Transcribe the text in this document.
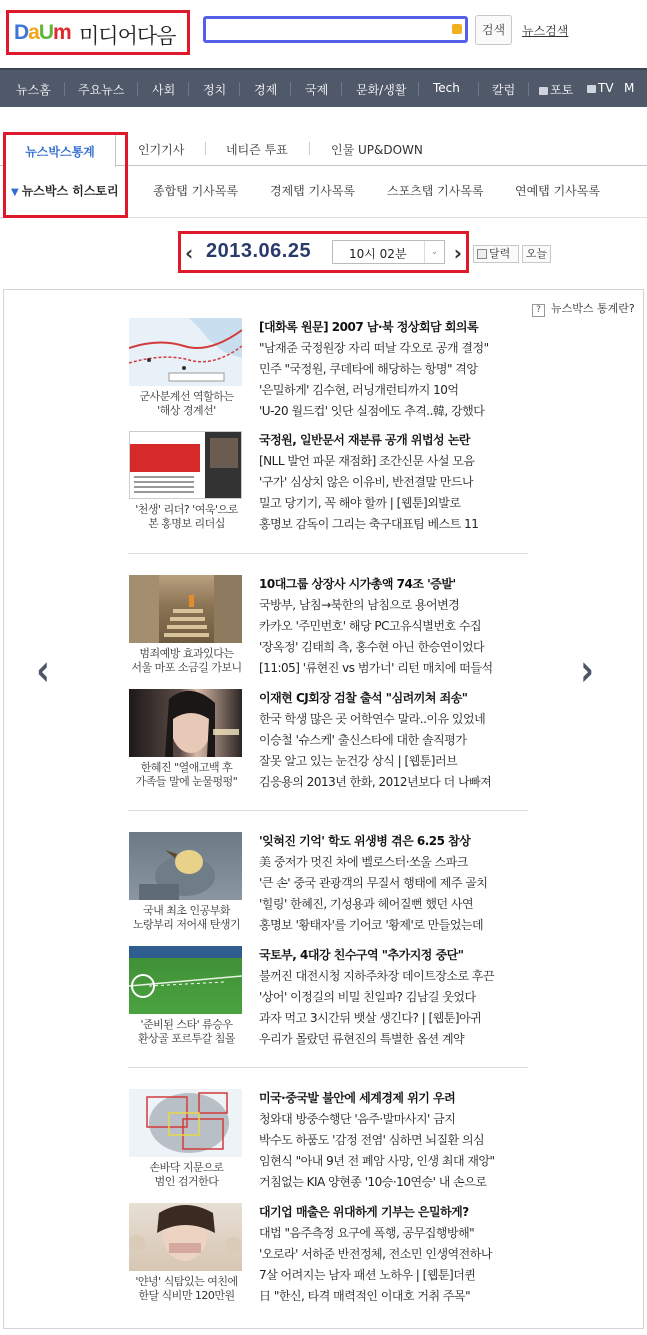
DaUm 미디어다음	검색	뉴스검색
뉴스홈 주요뉴스 사회 정치 경제 국제 문화/생활 Tech	칼럼	포토	TV M
뉴스박스통계	인기기사	네티즌 투표	인물 UP&DOWN
▼ 뉴스박스 히스토리	종합탭 기사목록	경제탭 기사목록	스포츠탭 기사목록	연예탭 기사목록
‹ 2013.06.25	10시 02분	⌄ ›	달력	오늘
? 뉴스박스 통계란?
‹	›
군사분계선 역할하는
'해상 경계선'
[대화록 원문] 2007 남·북 정상회담 회의록
"남재준 국정원장 자리 떠날 각오로 공개 결정"
민주 "국정원, 쿠데타에 해당하는 항명" 격앙
'은밀하게' 김수현, 러닝개런티까지 10억
'U-20 월드컵' 잇단 실점에도 추격..韓, 강했다
'천생' 리더? '여욱'으로
본 홍명보 리더십
국정원, 일반문서 재분류 공개 위법성 논란
[NLL 발언 파문 재점화] 조간신문 사설 모음
'구가' 심상치 않은 이유비, 반전결말 만드나
밀고 당기기, 꼭 해야 할까 | [웹툰]외발로
홍명보 감독이 그리는 축구대표팀 베스트 11
범죄예방 효과있다는
서울 마포 소금길 가보니
10대그룹 상장사 시가총액 74조 '증발'
국방부, 남침→북한의 남침으로 용어변경
카카오 '주민번호' 해당 PC고유식별번호 수집
'장옥정' 김태희 측, 홍수현 아닌 한승연이었다
[11:05] '류현진 vs 범가너' 리턴 매치에 떠들석
한혜진 "열애고백 후
가족들 말에 눈물펑펑"
이재현 CJ회장 검찰 출석 "심려끼쳐 죄송"
한국 학생 많은 곳 어학연수 말라..이유 있었네
이승철 '슈스케' 출신스타에 대한 솔직평가
잘못 알고 있는 눈건강 상식 | [웹툰]러브
김응용의 2013년 한화, 2012년보다 더 나빠져
국내 최초 인공부화
노랑부리 저어새 탄생기
'잊혀진 기억' 학도 위생병 겪은 6.25 참상
美 중저가 멋진 차에 벨로스터·쏘울 스파크
'큰 손' 중국 관광객의 무질서 행태에 제주 골치
'힐링' 한혜진, 기성용과 헤어질뻔 했던 사연
홍명보 '황태자'를 기어코 '황제'로 만들었는데
'준비된 스타' 류승우
환상골 포르투갈 침몰
국토부, 4대강 친수구역 "추가지정 중단"
불꺼진 대전시청 지하주차장 데이트장소로 후끈
'상어' 이정길의 비밀 친일파? 김남길 웃었다
과자 먹고 3시간뒤 뱃살 생긴다? | [웹툰]아귀
우리가 몰랐던 류현진의 특별한 옵션 계약
손바닥 지문으로
범인 검거한다
미국·중국발 불안에 세계경제 위기 우려
청와대 방중수행단 '음주·발마사지' 금지
박수도 하품도 '감정 전염' 심하면 뇌질환 의심
임현식 "아내 9년 전 폐암 사망, 인생 최대 재앙"
거침없는 KIA 양현종 '10승·10연승' 내 손으로
'얀녕' 식탐있는 여친에
한달 식비만 120만원
대기업 매출은 위대하게 기부는 은밀하게?
대법 "음주측정 요구에 폭행, 공무집행방해"
'오로라' 서하준 반전정체, 전소민 인생역전하나
7살 어려지는 남자 패션 노하우 | [웹툰]더퀸
日 "한신, 타격 매력적인 이대호 거취 주목"
